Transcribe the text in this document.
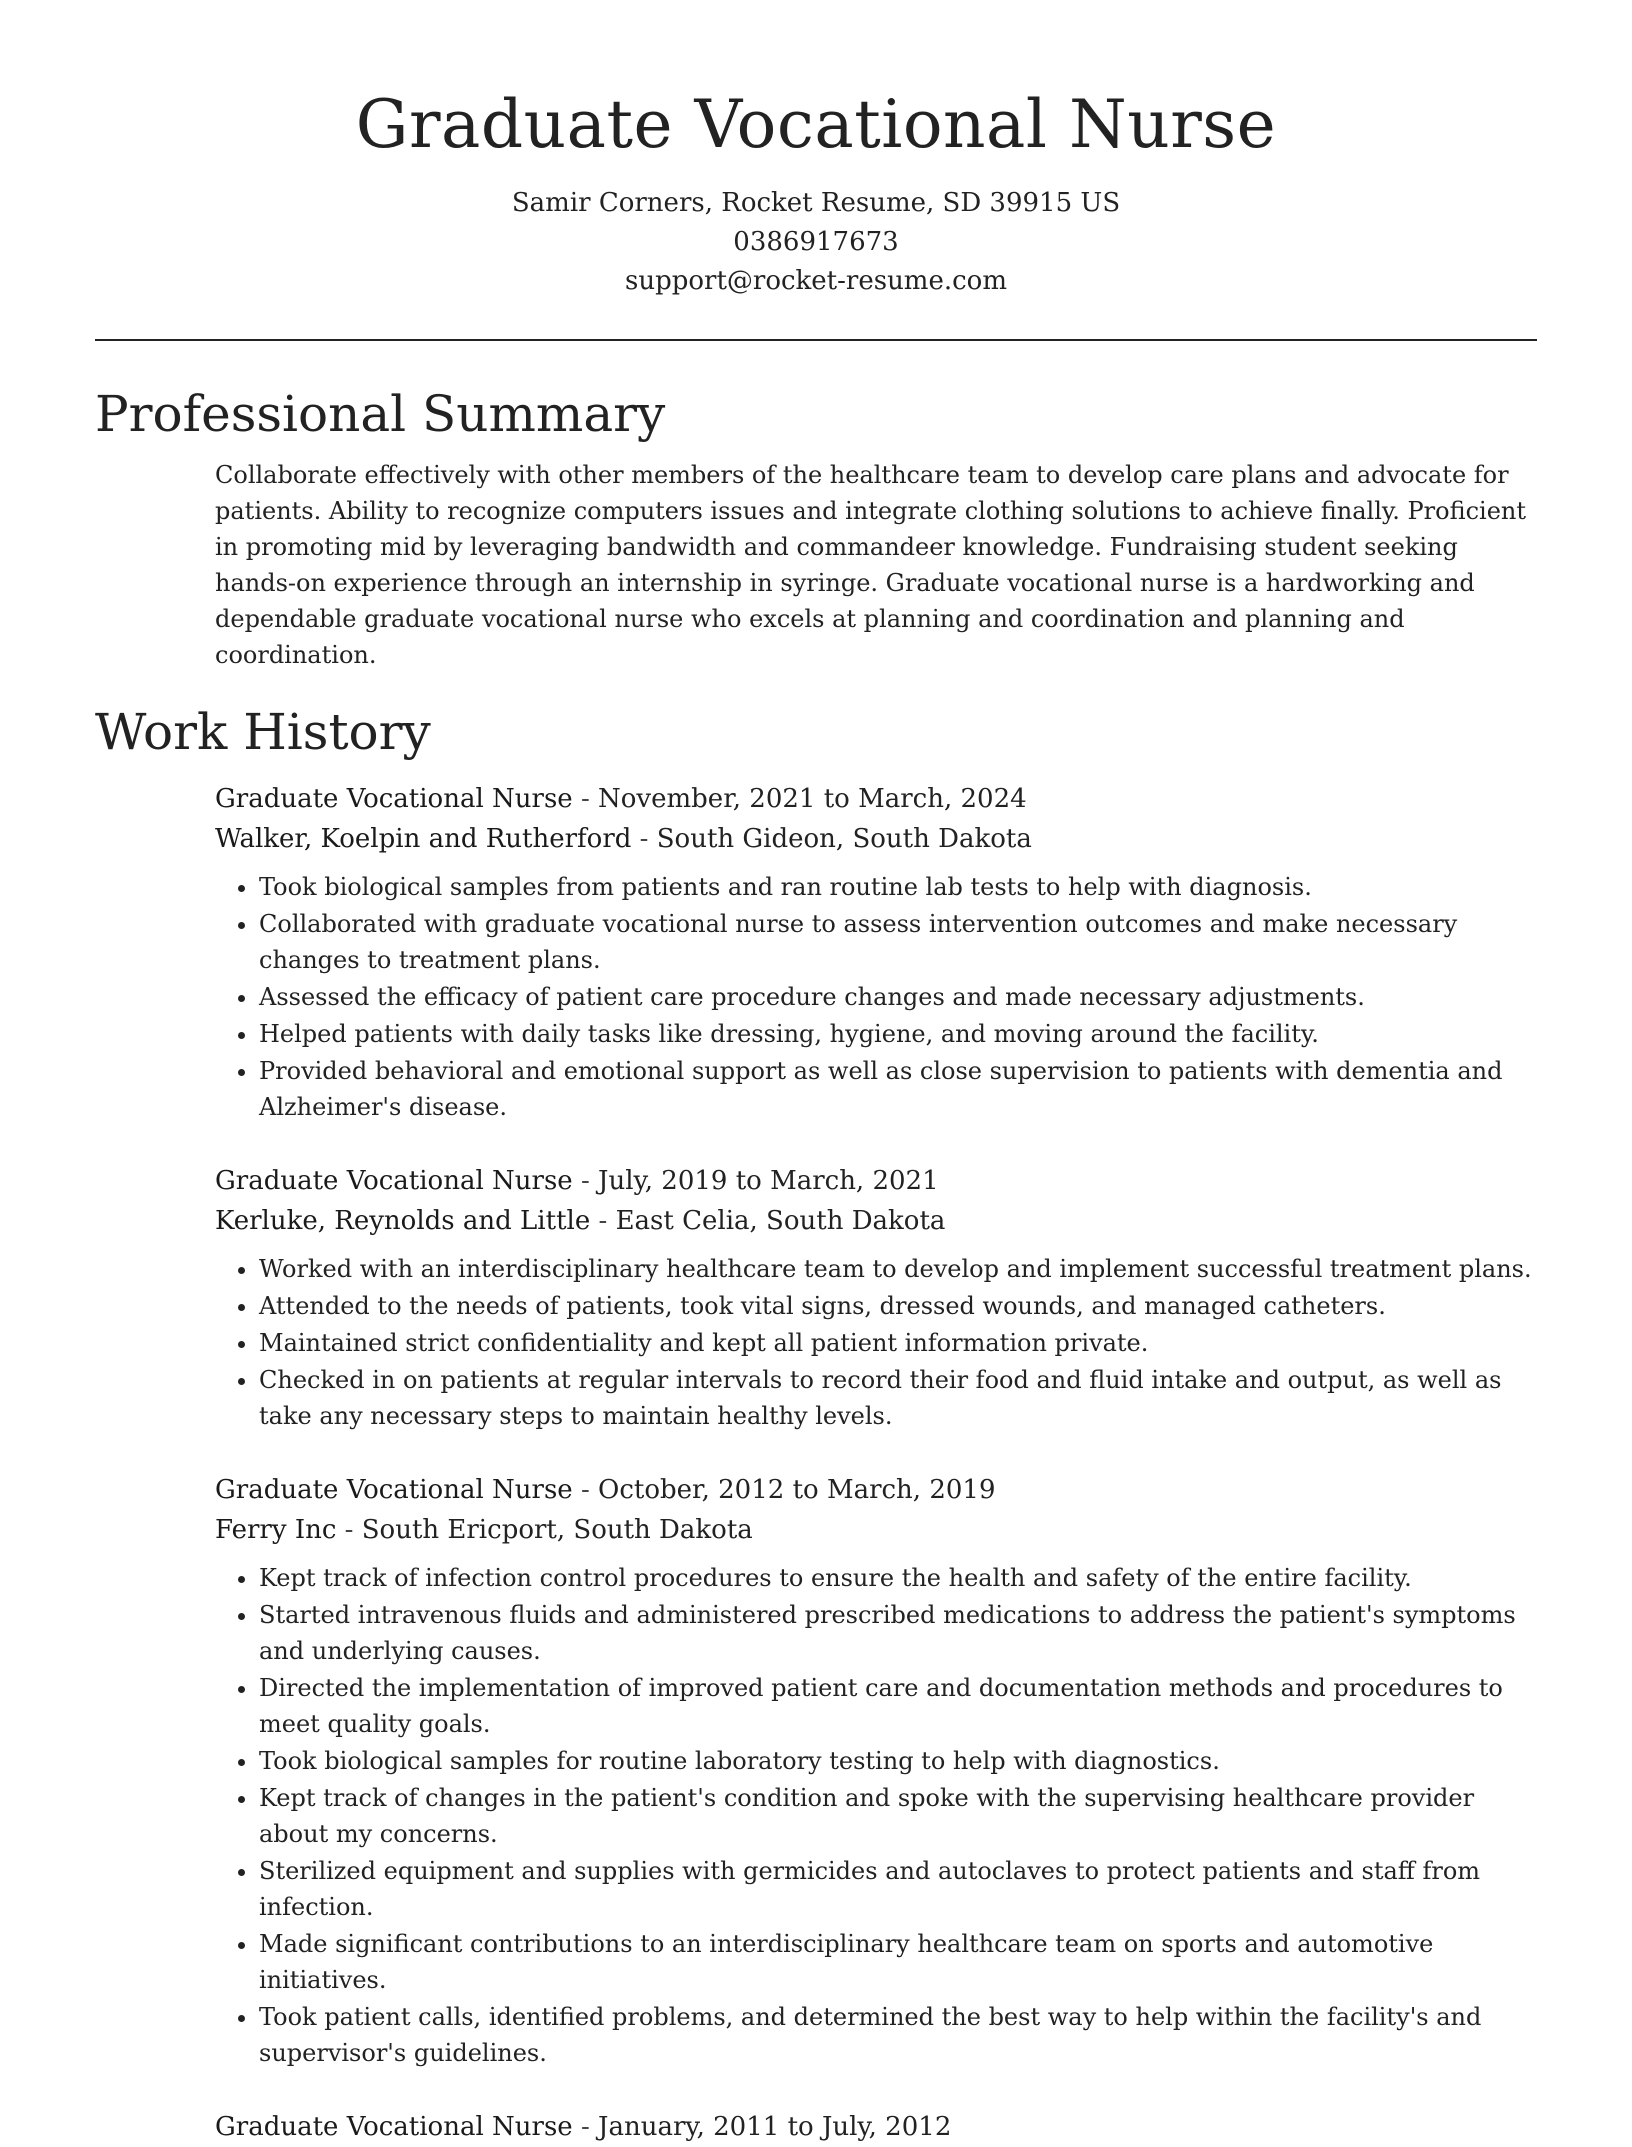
Graduate Vocational Nurse
Samir Corners, Rocket Resume, SD 39915 US
0386917673
support@rocket-resume.com
Professional Summary

Collaborate effectively with other members of the healthcare team to develop care plans and advocate for patients. Ability to recognize computers issues and integrate clothing solutions to achieve finally. Proficient in promoting mid by leveraging bandwidth and commandeer knowledge. Fundraising student seeking hands-on experience through an internship in syringe. Graduate vocational nurse is a hardworking and dependable graduate vocational nurse who excels at planning and coordination and planning and coordination.

Work History
Graduate Vocational Nurse - November, 2021 to March, 2024
Walker, Koelpin and Rutherford - South Gideon, South Dakota
• Took biological samples from patients and ran routine lab tests to help with diagnosis.
• Collaborated with graduate vocational nurse to assess intervention outcomes and make necessary changes to treatment plans.
• Assessed the efficacy of patient care procedure changes and made necessary adjustments.
• Helped patients with daily tasks like dressing, hygiene, and moving around the facility.
• Provided behavioral and emotional support as well as close supervision to patients with dementia and Alzheimer's disease.
Graduate Vocational Nurse - July, 2019 to March, 2021
Kerluke, Reynolds and Little - East Celia, South Dakota
• Worked with an interdisciplinary healthcare team to develop and implement successful treatment plans.
• Attended to the needs of patients, took vital signs, dressed wounds, and managed catheters.
• Maintained strict confidentiality and kept all patient information private.
• Checked in on patients at regular intervals to record their food and fluid intake and output, as well as take any necessary steps to maintain healthy levels.
Graduate Vocational Nurse - October, 2012 to March, 2019
Ferry Inc - South Ericport, South Dakota
• Kept track of infection control procedures to ensure the health and safety of the entire facility.
• Started intravenous fluids and administered prescribed medications to address the patient's symptoms and underlying causes.
• Directed the implementation of improved patient care and documentation methods and procedures to meet quality goals.
• Took biological samples for routine laboratory testing to help with diagnostics.
• Kept track of changes in the patient's condition and spoke with the supervising healthcare provider about my concerns.
• Sterilized equipment and supplies with germicides and autoclaves to protect patients and staff from infection.
• Made significant contributions to an interdisciplinary healthcare team on sports and automotive initiatives.
• Took patient calls, identified problems, and determined the best way to help within the facility's and supervisor's guidelines.
Graduate Vocational Nurse - January, 2011 to July, 2012
